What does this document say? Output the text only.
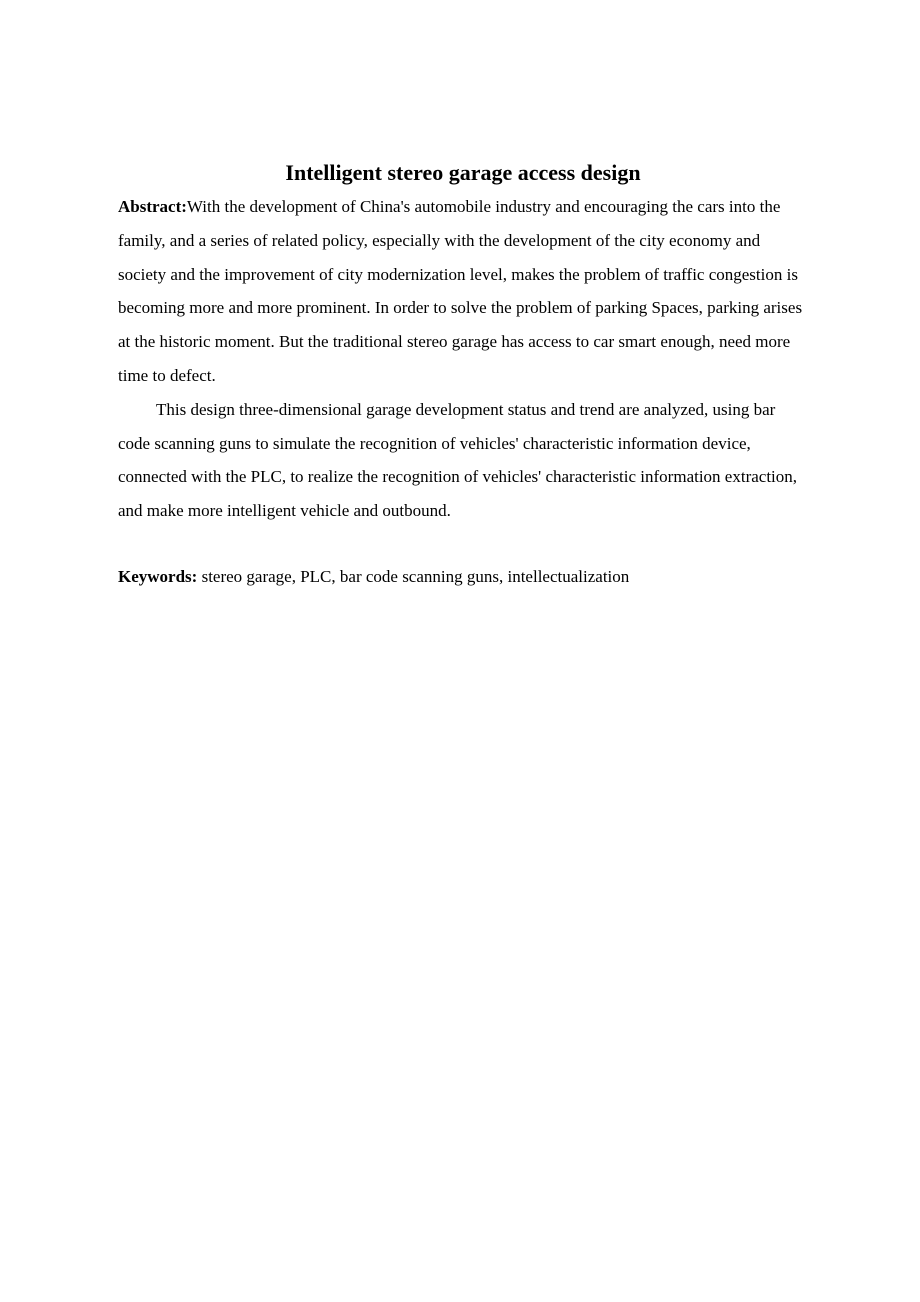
Intelligent stereo garage access design

Abstract:With the development of China's automobile industry and encouraging the cars into the family, and a series of related policy, especially with the development of the city economy and society and the improvement of city modernization level, makes the problem of traffic congestion is becoming more and more prominent. In order to solve the problem of parking Spaces, parking arises at the historic moment. But the traditional stereo garage has access to car smart enough, need more time to defect.

This design three-dimensional garage development status and trend are analyzed, using bar code scanning guns to simulate the recognition of vehicles' characteristic information device, connected with the PLC, to realize the recognition of vehicles' characteristic information extraction, and make more intelligent vehicle and outbound.

Keywords: stereo garage, PLC, bar code scanning guns, intellectualization
